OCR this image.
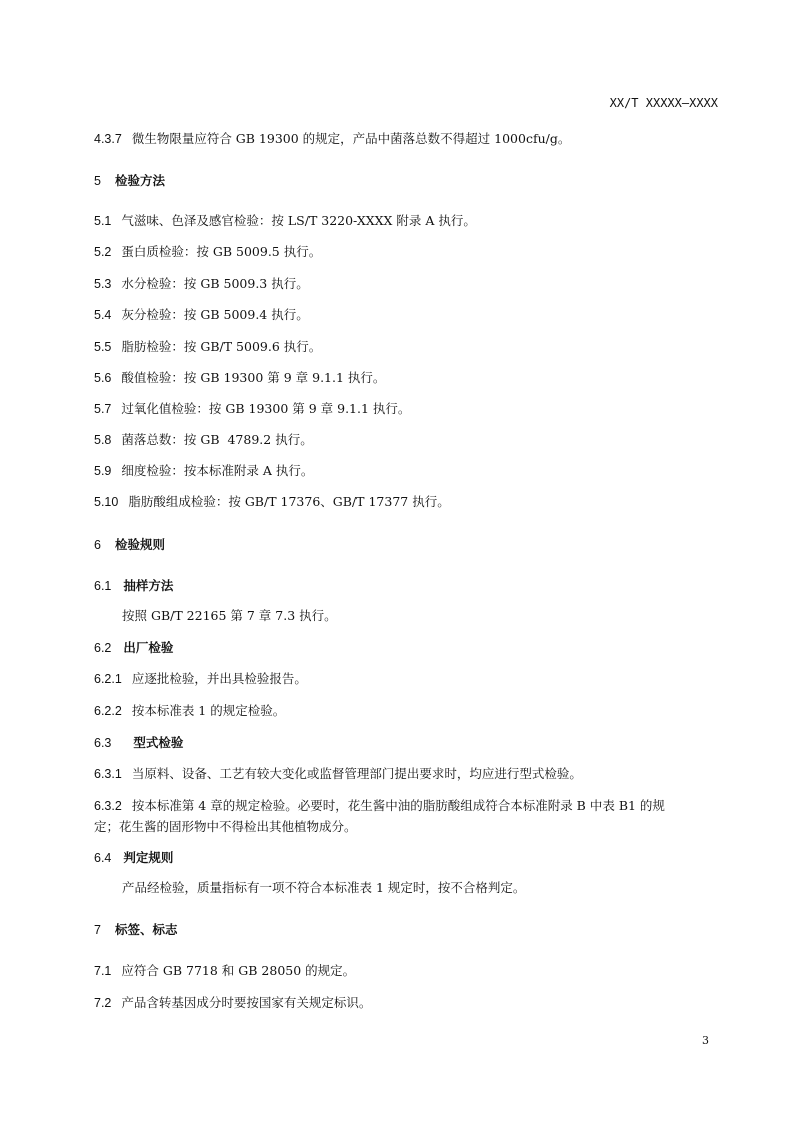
XX/T XXXXX—XXXX
4.3.7 微生物限量应符合 GB 19300 的规定，产品中菌落总数不得超过 1000cfu/g。
5 检验方法
5.1 气滋味、色泽及感官检验：按 LS/T 3220-XXXX 附录 A 执行。
5.2 蛋白质检验：按 GB 5009.5 执行。
5.3 水分检验：按 GB 5009.3 执行。
5.4 灰分检验：按 GB 5009.4 执行。
5.5 脂肪检验：按 GB/T 5009.6 执行。
5.6 酸值检验：按 GB 19300 第 9 章 9.1.1 执行。
5.7 过氧化值检验：按 GB 19300 第 9 章 9.1.1 执行。
5.8 菌落总数：按 GB  4789.2 执行。
5.9 细度检验：按本标准附录 A 执行。
5.10 脂肪酸组成检验：按 GB/T 17376、GB/T 17377 执行。
6 检验规则
6.1 抽样方法
按照 GB/T 22165 第 7 章 7.3 执行。
6.2 出厂检验
6.2.1 应逐批检验，并出具检验报告。
6.2.2 按本标准表 1 的规定检验。
6.3 型式检验
6.3.1 当原料、设备、工艺有较大变化或监督管理部门提出要求时，均应进行型式检验。
6.3.2 按本标准第 4 章的规定检验。必要时，花生酱中油的脂肪酸组成符合本标准附录 B 中表 B1 的规
定；花生酱的固形物中不得检出其他植物成分。
6.4 判定规则
产品经检验，质量指标有一项不符合本标准表 1 规定时，按不合格判定。
7 标签、标志
7.1 应符合 GB 7718 和 GB 28050 的规定。
7.2 产品含转基因成分时要按国家有关规定标识。
3
